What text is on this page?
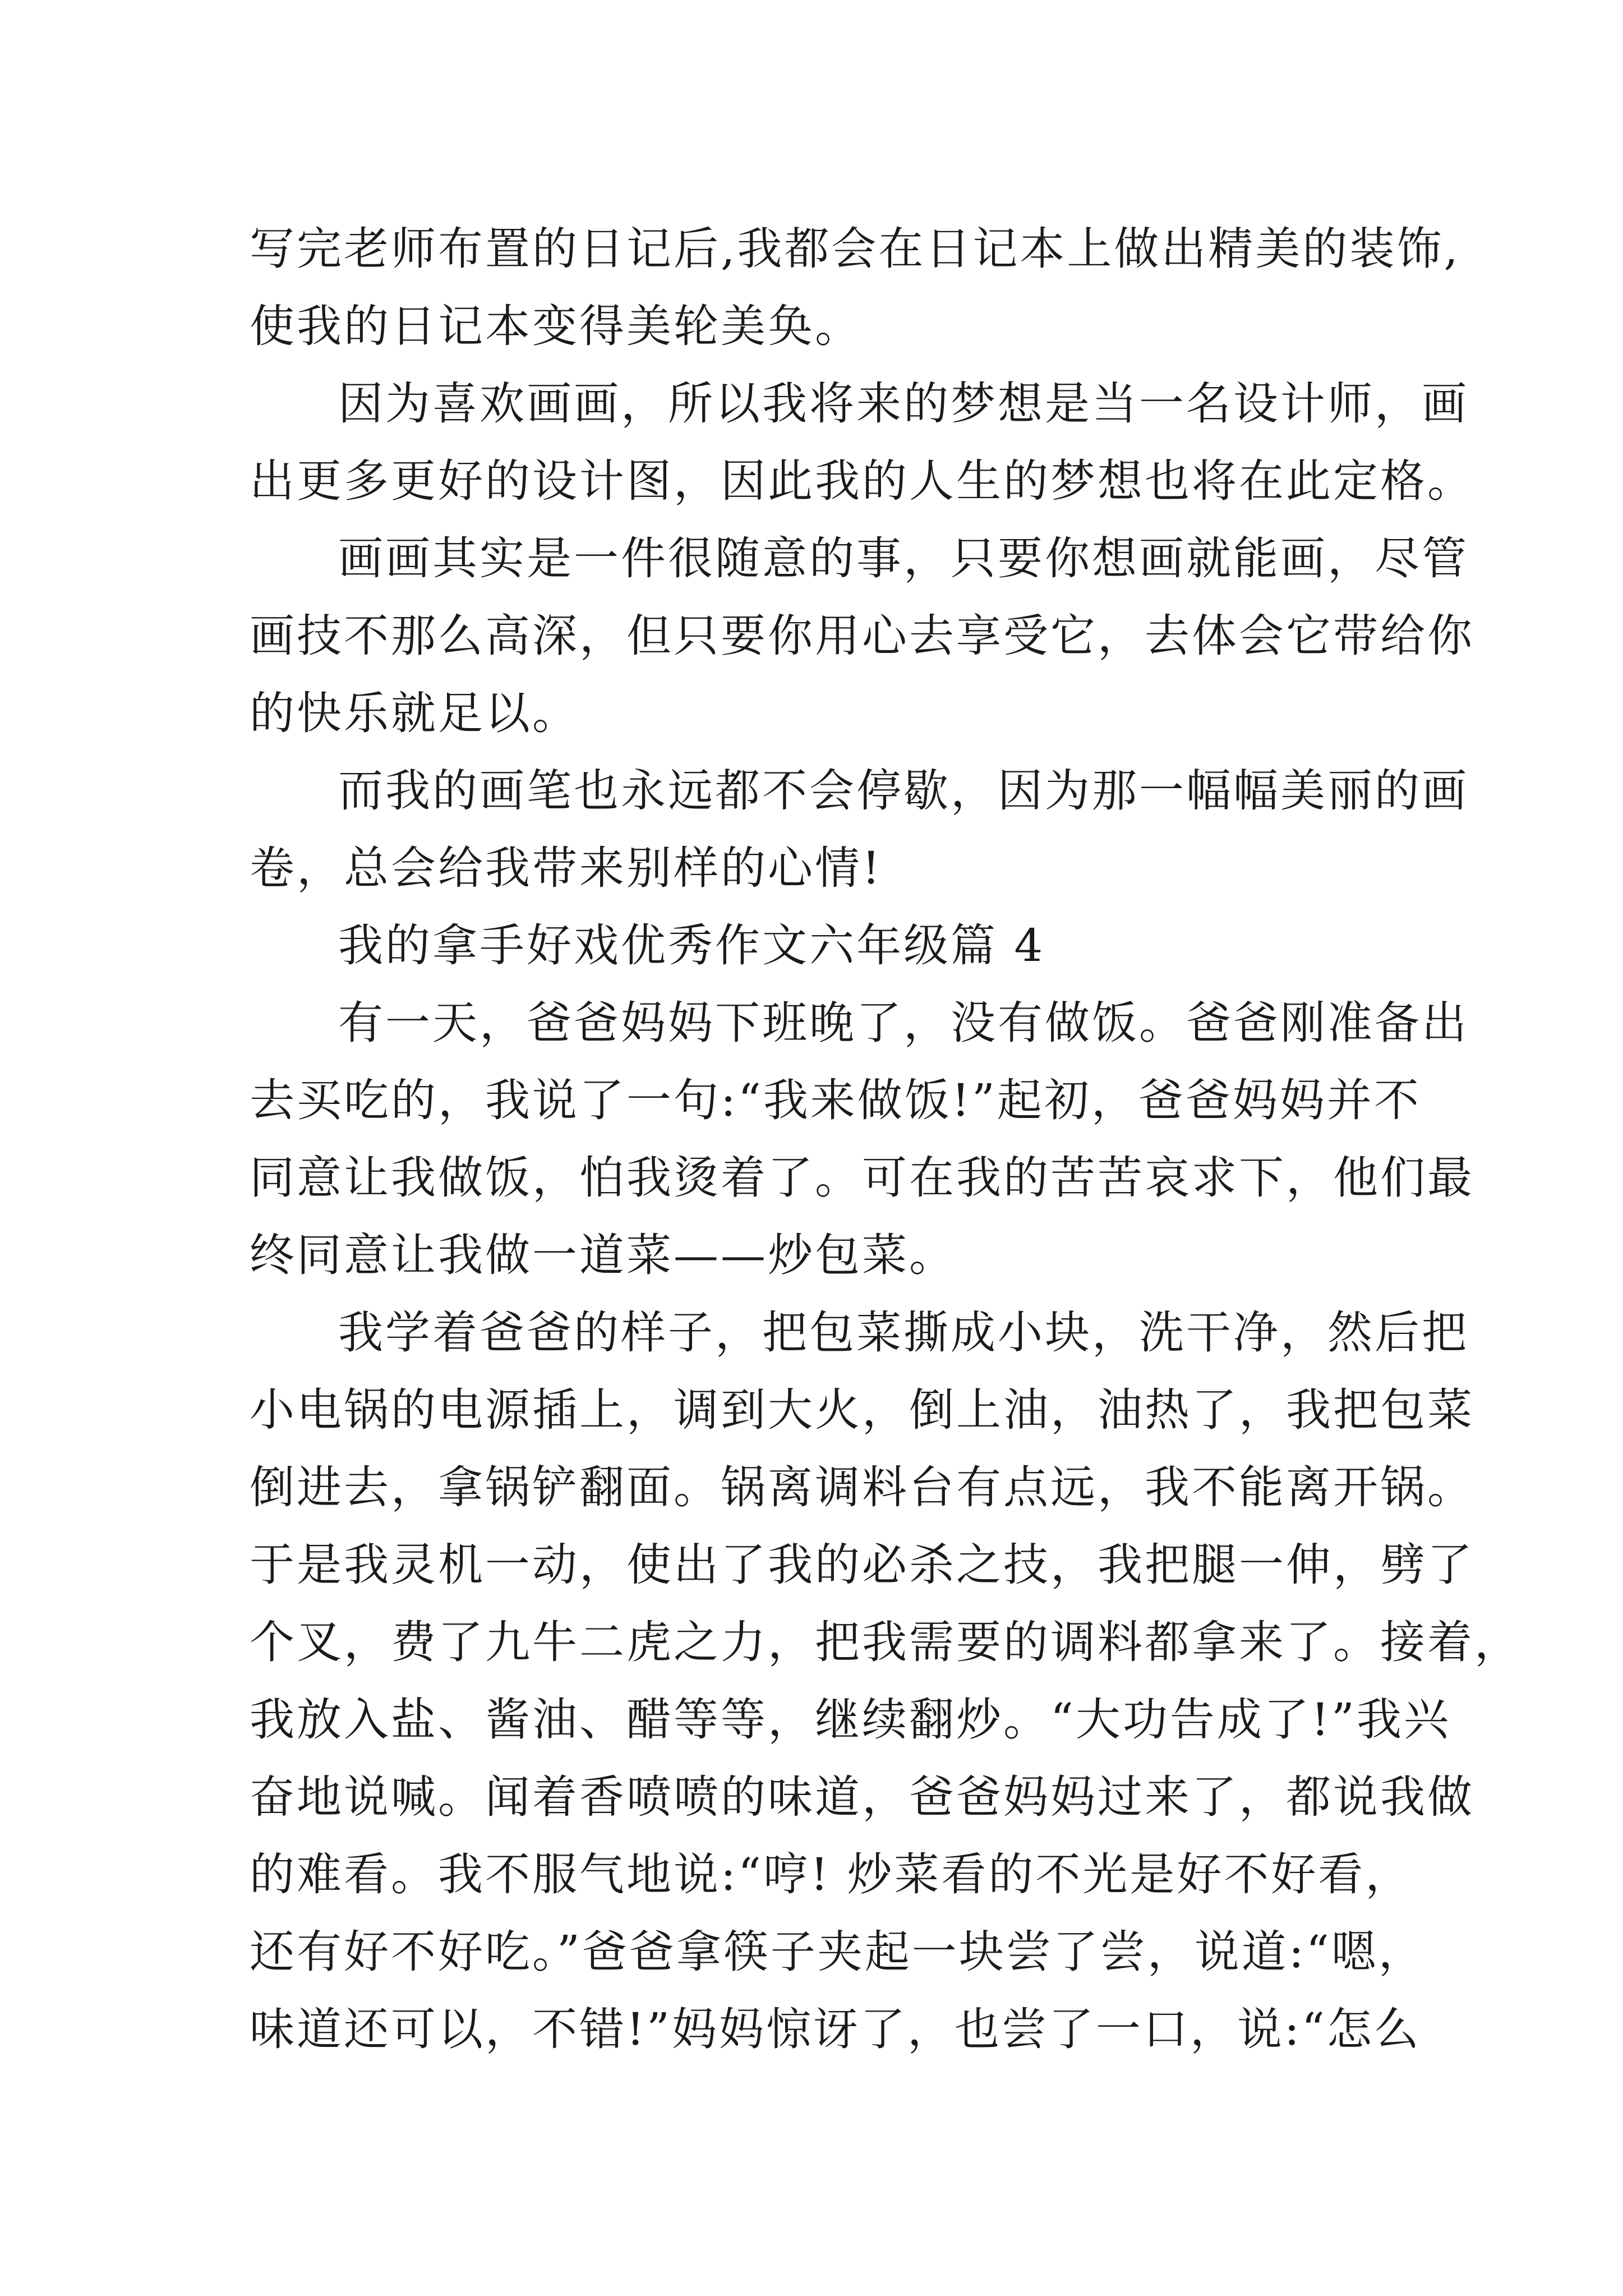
写完老师布置的日记后,我都会在日记本上做出精美的装饰,
使我的日记本变得美轮美奂。
因为喜欢画画，所以我将来的梦想是当一名设计师，画
出更多更好的设计图，因此我的人生的梦想也将在此定格。
画画其实是一件很随意的事，只要你想画就能画，尽管
画技不那么高深，但只要你用心去享受它，去体会它带给你
的快乐就足以。
而我的画笔也永远都不会停歇，因为那一幅幅美丽的画
卷，总会给我带来别样的心情!
我的拿手好戏优秀作文六年级篇 4
有一天，爸爸妈妈下班晚了，没有做饭。爸爸刚准备出
去买吃的，我说了一句:“我来做饭!”起初，爸爸妈妈并不
同意让我做饭，怕我烫着了。可在我的苦苦哀求下，他们最
终同意让我做一道菜——炒包菜。
我学着爸爸的样子，把包菜撕成小块，洗干净，然后把
小电锅的电源插上，调到大火，倒上油，油热了，我把包菜
倒进去，拿锅铲翻面。锅离调料台有点远，我不能离开锅。
于是我灵机一动，使出了我的必杀之技，我把腿一伸，劈了
个叉，费了九牛二虎之力，把我需要的调料都拿来了。接着，
我放入盐、酱油、醋等等，继续翻炒。“大功告成了!”我兴
奋地说喊。闻着香喷喷的味道，爸爸妈妈过来了，都说我做
的难看。我不服气地说:“哼! 炒菜看的不光是好不好看，
还有好不好吃。”爸爸拿筷子夹起一块尝了尝，说道:“嗯，
味道还可以，不错!”妈妈惊讶了，也尝了一口，说:“怎么
